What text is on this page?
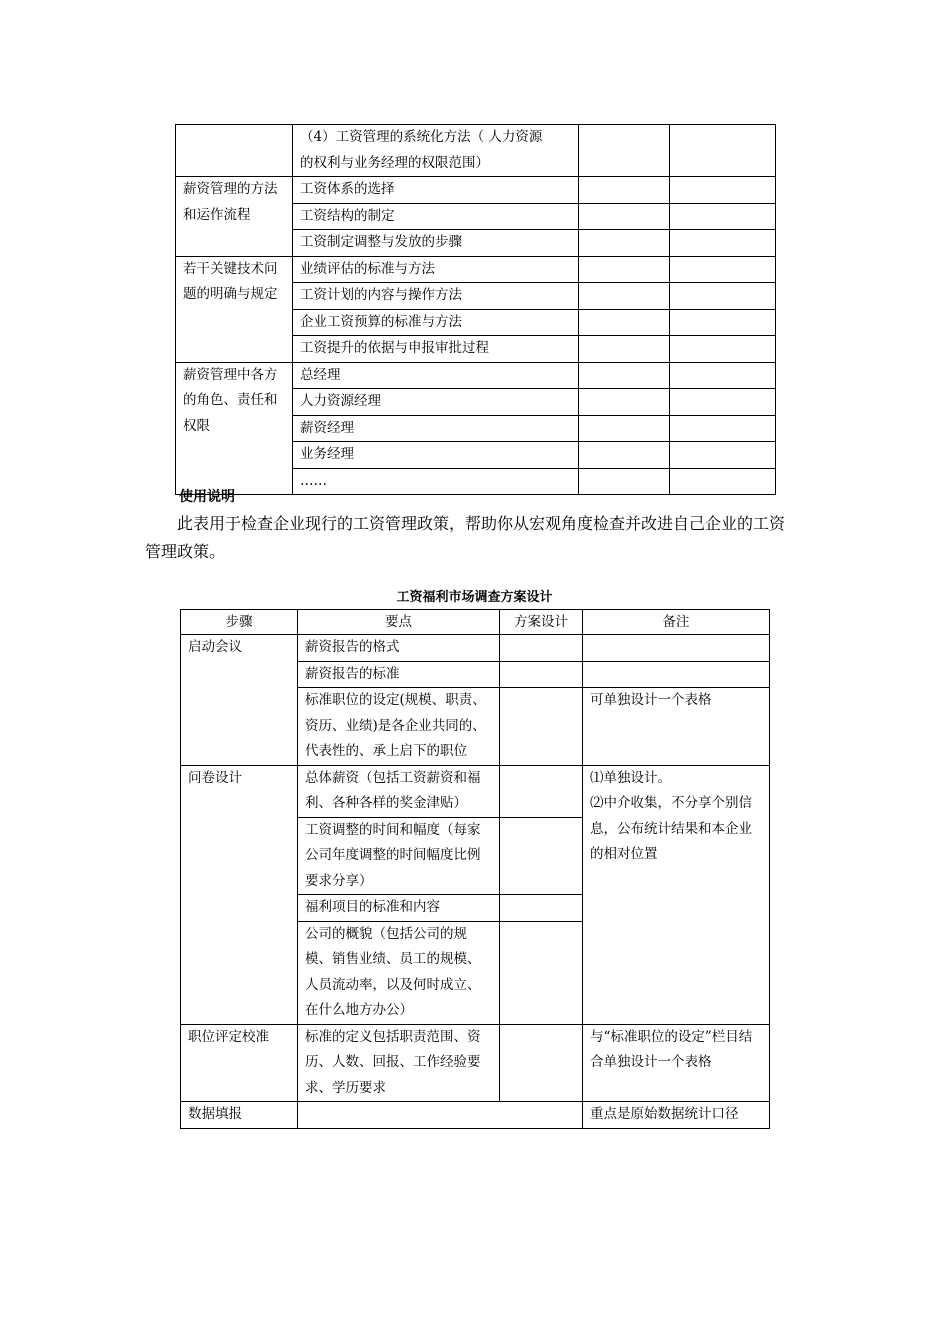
	（4）工资管理的系统化方法（ 人力资源
的权利与业务经理的权限范围）		

薪资管理的方法和运作流程	工资体系的选择		

	工资结构的制定		

	工资制定调整与发放的步骤		

若干关键技术问题的明确与规定	业绩评估的标准与方法		

	工资计划的内容与操作方法		

	企业工资预算的标准与方法		

	工资提升的依据与申报审批过程		

薪资管理中各方的角色、责任和权限	总经理		

	人力资源经理		

	薪资经理		

	业务经理		

	……		

使用说明

此表用于检查企业现行的工资管理政策，帮助你从宏观角度检查并改进自己企业的工资管理政策。

工资福利市场调查方案设计
步骤	要点	方案设计	备注

启动会议	薪资报告的格式		

	薪资报告的标准		

	标准职位的设定(规模、职责、资历、业绩)是各企业共同的、代表性的、承上启下的职位		可单独设计一个表格

问卷设计	总体薪资（包括工资薪资和福利、各种各样的奖金津贴）		⑴单独设计。
⑵中介收集，不分享个别信息，公布统计结果和本企业的相对位置

	工资调整的时间和幅度（每家公司年度调整的时间幅度比例要求分享）		

	福利项目的标准和内容		

	公司的概貌（包括公司的规模、销售业绩、员工的规模、人员流动率，以及何时成立、在什么地方办公）		

职位评定校准	标准的定义包括职责范围、资历、人数、回报、工作经验要求、学历要求		与“标准职位的设定”栏目结合单独设计一个表格

数据填报			重点是原始数据统计口径
